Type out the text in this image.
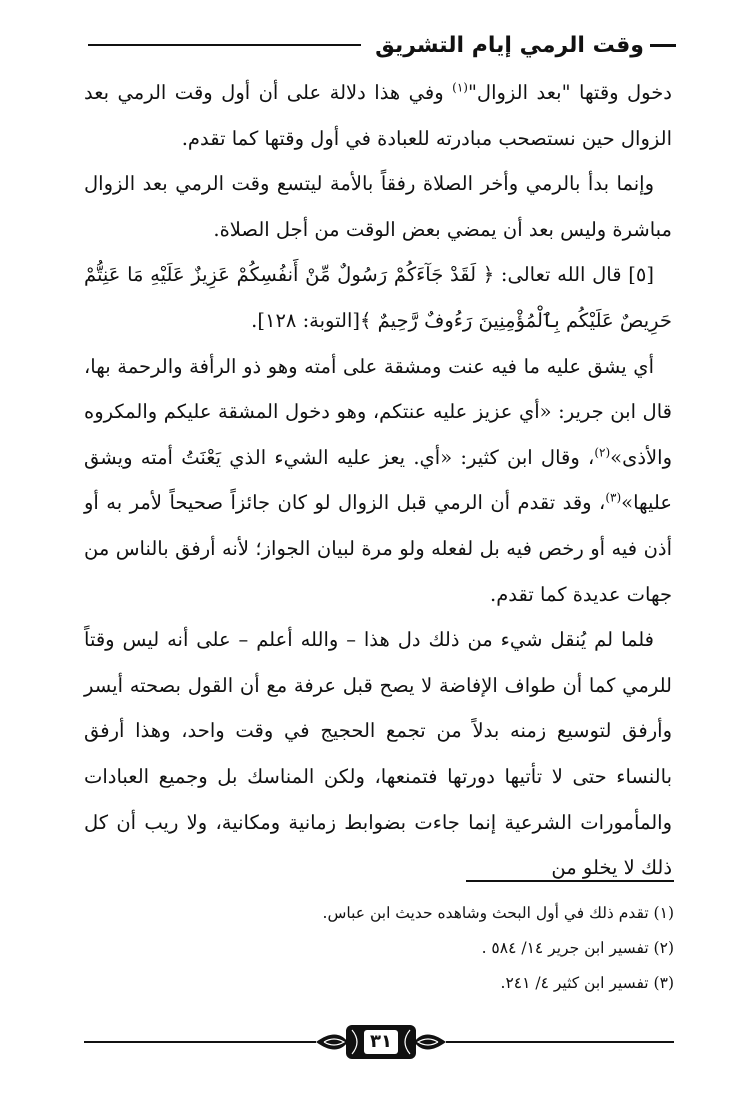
وقت الرمي إيام التشريق

دخول وقتها "بعد الزوال"$^{(١)}$ وفي هذا دلالة على أن أول وقت الرمي بعد الزوال حين نستصحب مبادرته للعبادة في أول وقتها كما تقدم.

وإنما بدأ بالرمي وأخر الصلاة رفقاً بالأمة ليتسع وقت الرمي بعد الزوال مباشرة وليس بعد أن يمضي بعض الوقت من أجل الصلاة.

[٥] قال الله تعالى: ﴿ لَقَدْ جَآءَكُمْ رَسُولٌ مِّنْ أَنفُسِكُمْ عَزِيزٌ عَلَيْهِ مَا عَنِتُّمْ حَرِيصٌ عَلَيْكُم بِٱلْمُؤْمِنِينَ رَءُوفٌ رَّحِيمٌ ﴾[التوبة: ١٢٨].

أي يشق عليه ما فيه عنت ومشقة على أمته وهو ذو الرأفة والرحمة بها، قال ابن جرير: «أي عزيز عليه عنتكم، وهو دخول المشقة عليكم والمكروه والأذى»$^{(٢)}$، وقال ابن كثير: «أي. يعز عليه الشيء الذي يَعْنَتُ أمته ويشق عليها»$^{(٣)}$، وقد تقدم أن الرمي قبل الزوال لو كان جائزاً صحيحاً لأمر به أو أذن فيه أو رخص فيه بل لفعله ولو مرة لبيان الجواز؛ لأنه أرفق بالناس من جهات عديدة كما تقدم.

فلما لم يُنقل شيء من ذلك دل هذا – والله أعلم – على أنه ليس وقتاً للرمي كما أن طواف الإفاضة لا يصح قبل عرفة مع أن القول بصحته أيسر وأرفق لتوسيع زمنه بدلاً من تجمع الحجيج في وقت واحد، وهذا أرفق بالنساء حتى لا تأتيها دورتها فتمنعها، ولكن المناسك بل وجميع العبادات والمأمورات الشرعية إنما جاءت بضوابط زمانية ومكانية، ولا ريب أن كل ذلك لا يخلو من

(١) تقدم ذلك في أول البحث وشاهده حديث ابن عباس.
(٢) تفسير ابن جرير ١٤/ ٥٨٤ .
(٣) تفسير ابن كثير ٤/ ٢٤١.
٣١
